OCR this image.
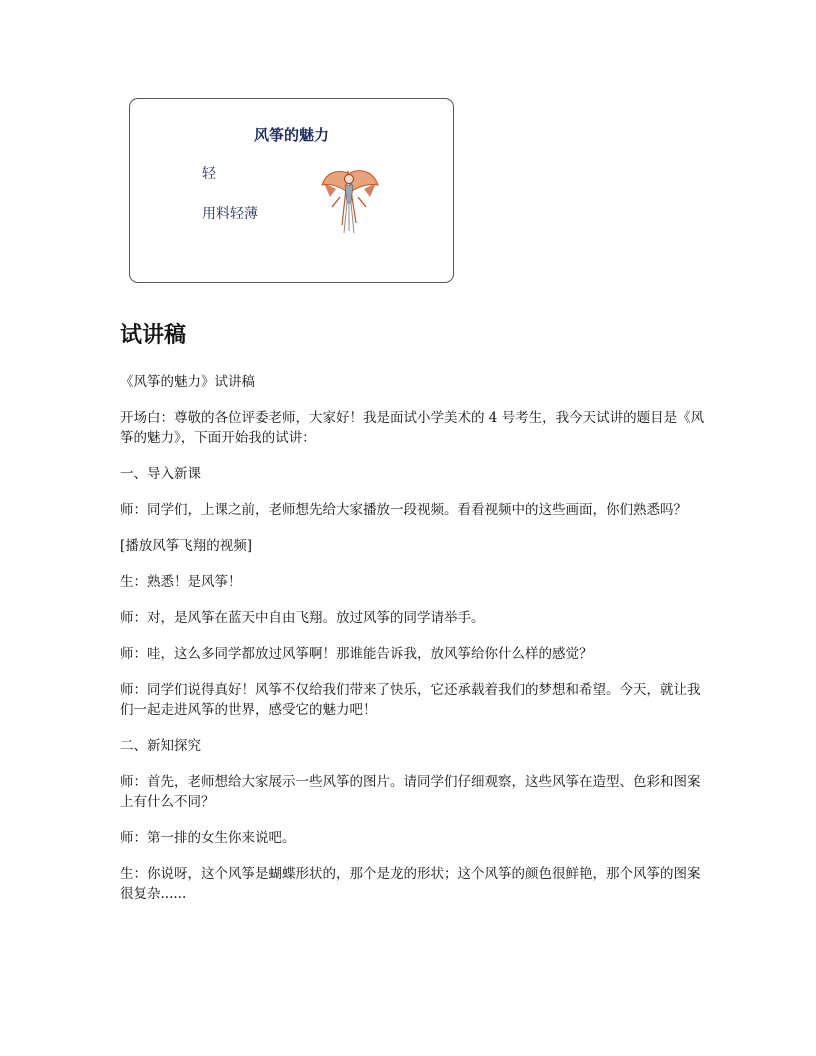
风筝的魅力
轻
用料轻薄
试讲稿

《风筝的魅力》试讲稿

开场白：尊敬的各位评委老师，大家好！我是面试小学美术的 4 号考生，我今天试讲的题目是《风筝的魅力》，下面开始我的试讲：

一、导入新课

师：同学们，上课之前，老师想先给大家播放一段视频。看看视频中的这些画面，你们熟悉吗？

[播放风筝飞翔的视频]

生：熟悉！是风筝！

师：对，是风筝在蓝天中自由飞翔。放过风筝的同学请举手。

师：哇，这么多同学都放过风筝啊！那谁能告诉我，放风筝给你什么样的感觉？

师：同学们说得真好！风筝不仅给我们带来了快乐，它还承载着我们的梦想和希望。今天，就让我们一起走进风筝的世界，感受它的魅力吧！

二、新知探究

师：首先，老师想给大家展示一些风筝的图片。请同学们仔细观察，这些风筝在造型、色彩和图案上有什么不同？

师：第一排的女生你来说吧。

生：你说呀，这个风筝是蝴蝶形状的，那个是龙的形状；这个风筝的颜色很鲜艳，那个风筝的图案很复杂......
